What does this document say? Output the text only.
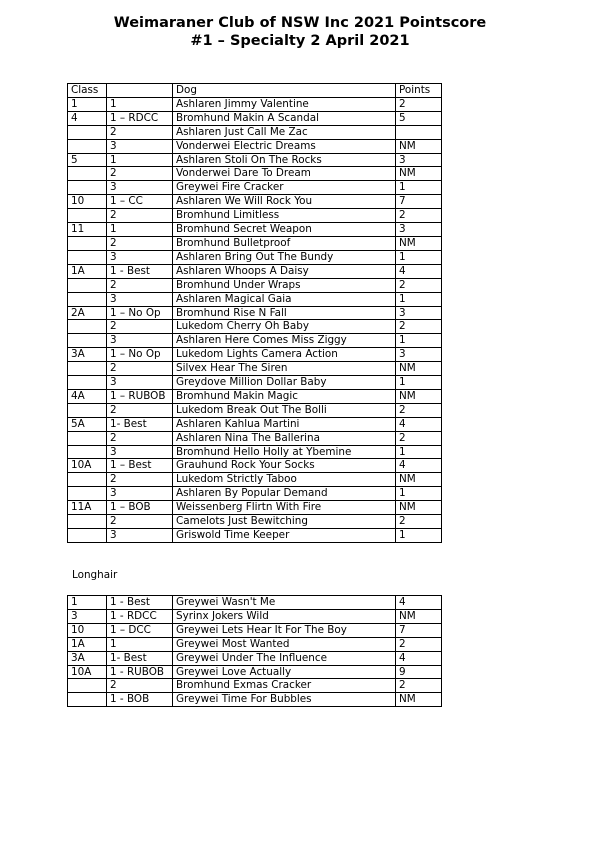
Weimaraner Club of NSW Inc 2021 Pointscore
#1 – Specialty 2 April 2021
Class		Dog	Points
1	1	Ashlaren Jimmy Valentine	2
4	1 – RDCC	Bromhund Makin A Scandal	5
	2	Ashlaren Just Call Me Zac	
	3	Vonderwei Electric Dreams	NM
5	1	Ashlaren Stoli On The Rocks	3
	2	Vonderwei Dare To Dream	NM
	3	Greywei Fire Cracker	1
10	1 – CC	Ashlaren We Will Rock You	7
	2	Bromhund Limitless	2
11	1	Bromhund Secret Weapon	3
	2	Bromhund Bulletproof	NM
	3	Ashlaren Bring Out The Bundy	1
1A	1 - Best	Ashlaren Whoops A Daisy	4
	2	Bromhund Under Wraps	2
	3	Ashlaren Magical Gaia	1
2A	1 – No Op	Bromhund Rise N Fall	3
	2	Lukedom Cherry Oh Baby	2
	3	Ashlaren Here Comes Miss Ziggy	1
3A	1 – No Op	Lukedom Lights Camera Action	3
	2	Silvex Hear The Siren	NM
	3	Greydove Million Dollar Baby	1
4A	1 – RUBOB	Bromhund Makin Magic	NM
	2	Lukedom Break Out The Bolli	2
5A	1- Best	Ashlaren Kahlua Martini	4
	2	Ashlaren Nina The Ballerina	2
	3	Bromhund Hello Holly at Ybemine	1
10A	1 – Best	Grauhund Rock Your Socks	4
	2	Lukedom Strictly Taboo	NM
	3	Ashlaren By Popular Demand	1
11A	1 – BOB	Weissenberg Flirtn With Fire	NM
	2	Camelots Just Bewitching	2
	3	Griswold Time Keeper	1
Longhair
1	1 - Best	Greywei Wasn't Me	4
3	1 - RDCC	Syrinx Jokers Wild	NM
10	1 – DCC	Greywei Lets Hear It For The Boy	7
1A	1	Greywei Most Wanted	2
3A	1- Best	Greywei Under The Influence	4
10A	1 - RUBOB	Greywei Love Actually	9
	2	Bromhund Exmas Cracker	2
	1 - BOB	Greywei Time For Bubbles	NM
